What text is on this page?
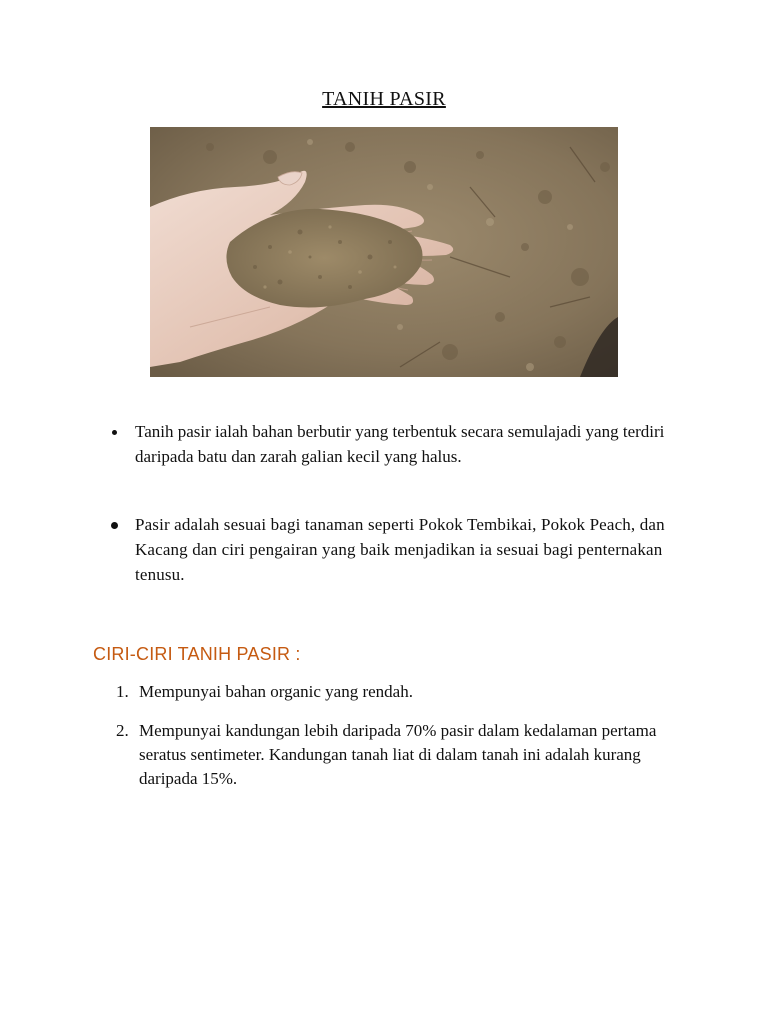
TANIH PASIR
Tanih pasir ialah bahan berbutir yang terbentuk secara semulajadi yang terdiri daripada batu dan zarah galian kecil yang halus.
Pasir adalah sesuai bagi tanaman seperti Pokok Tembikai, Pokok Peach, dan Kacang dan ciri pengairan yang baik menjadikan ia sesuai bagi penternakan tenusu.
CIRI-CIRI TANIH PASIR :
1. Mempunyai bahan organic yang rendah.
2. Mempunyai kandungan lebih daripada 70% pasir dalam kedalaman pertama seratus sentimeter. Kandungan tanah liat di dalam tanah ini adalah kurang daripada 15%.
